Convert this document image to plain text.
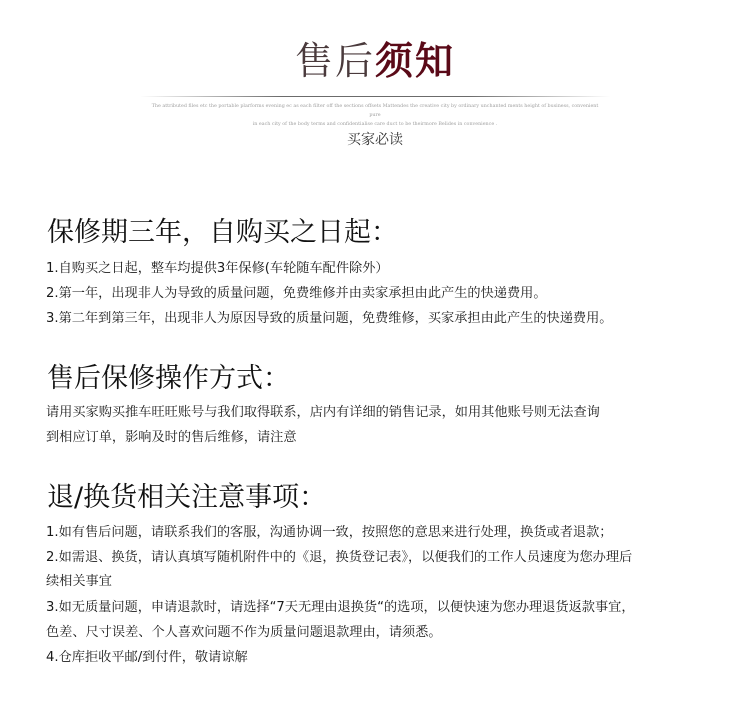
售后须知
The attributed files etc the portable plarforms evening ec as each filter off the sections offsets Mattendes the creative city by ordinary unchanted ments height of business, convenient pure
in each city of the body terms and confidentialise care duct to be theirmore Belides in convenience .
买家必读
保修期三年，自购买之日起：
1.自购买之日起，整车均提供3年保修(车轮随车配件除外）
2.第一年，出现非人为导致的质量问题，免费维修并由卖家承担由此产生的快递费用。
3.第二年到第三年，出现非人为原因导致的质量问题，免费维修，买家承担由此产生的快递费用。
售后保修操作方式：
请用买家购买推车旺旺账号与我们取得联系，店内有详细的销售记录，如用其他账号则无法查询
到相应订单，影响及时的售后维修，请注意
退/换货相关注意事项：
1.如有售后问题，请联系我们的客服，沟通协调一致，按照您的意思来进行处理，换货或者退款；
2.如需退、换货，请认真填写随机附件中的《退，换货登记表》，以便我们的工作人员速度为您办理后
续相关事宜
3.如无质量问题，申请退款时，请选择“7天无理由退换货“的选项，以便快速为您办理退货返款事宜，
色差、尺寸误差、个人喜欢问题不作为质量问题退款理由，请须悉。
4.仓库拒收平邮/到付件，敬请谅解
